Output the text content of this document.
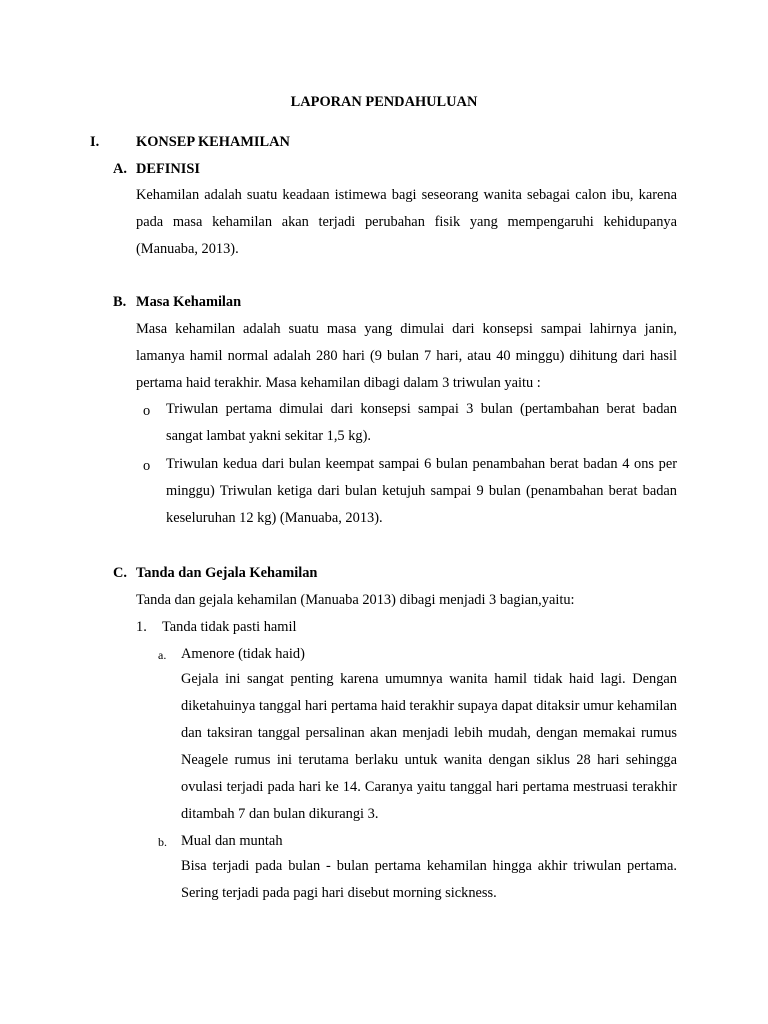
LAPORAN PENDAHULUAN
I.	KONSEP KEHAMILAN
A. DEFINISI
Kehamilan adalah suatu keadaan istimewa bagi seseorang wanita sebagai calon ibu, karena pada masa kehamilan akan terjadi perubahan fisik yang mempengaruhi kehidupanya (Manuaba, 2013).
B. Masa Kehamilan
Masa kehamilan adalah suatu masa yang dimulai dari konsepsi sampai lahirnya janin, lamanya hamil normal adalah 280 hari (9 bulan 7 hari, atau 40 minggu) dihitung dari hasil pertama haid terakhir. Masa kehamilan dibagi dalam 3 triwulan yaitu :
o Triwulan pertama dimulai dari konsepsi sampai 3 bulan (pertambahan berat badan sangat lambat yakni sekitar 1,5 kg).
o Triwulan kedua dari bulan keempat sampai 6 bulan penambahan berat badan 4 ons per minggu) Triwulan ketiga dari bulan ketujuh sampai 9 bulan (penambahan berat badan keseluruhan 12 kg) (Manuaba, 2013).
C. Tanda dan Gejala Kehamilan
Tanda dan gejala kehamilan (Manuaba 2013) dibagi menjadi 3 bagian,yaitu:
1. Tanda tidak pasti hamil
a. Amenore (tidak haid)
Gejala ini sangat penting karena umumnya wanita hamil tidak haid lagi. Dengan diketahuinya tanggal hari pertama haid terakhir supaya dapat ditaksir umur kehamilan dan taksiran tanggal persalinan akan menjadi lebih mudah, dengan memakai rumus Neagele rumus ini terutama berlaku untuk wanita dengan siklus 28 hari sehingga ovulasi terjadi pada hari ke 14. Caranya yaitu tanggal hari pertama mestruasi terakhir ditambah 7 dan bulan dikurangi 3.
b. Mual dan muntah
Bisa terjadi pada bulan - bulan pertama kehamilan hingga akhir triwulan pertama. Sering terjadi pada pagi hari disebut morning sickness.
